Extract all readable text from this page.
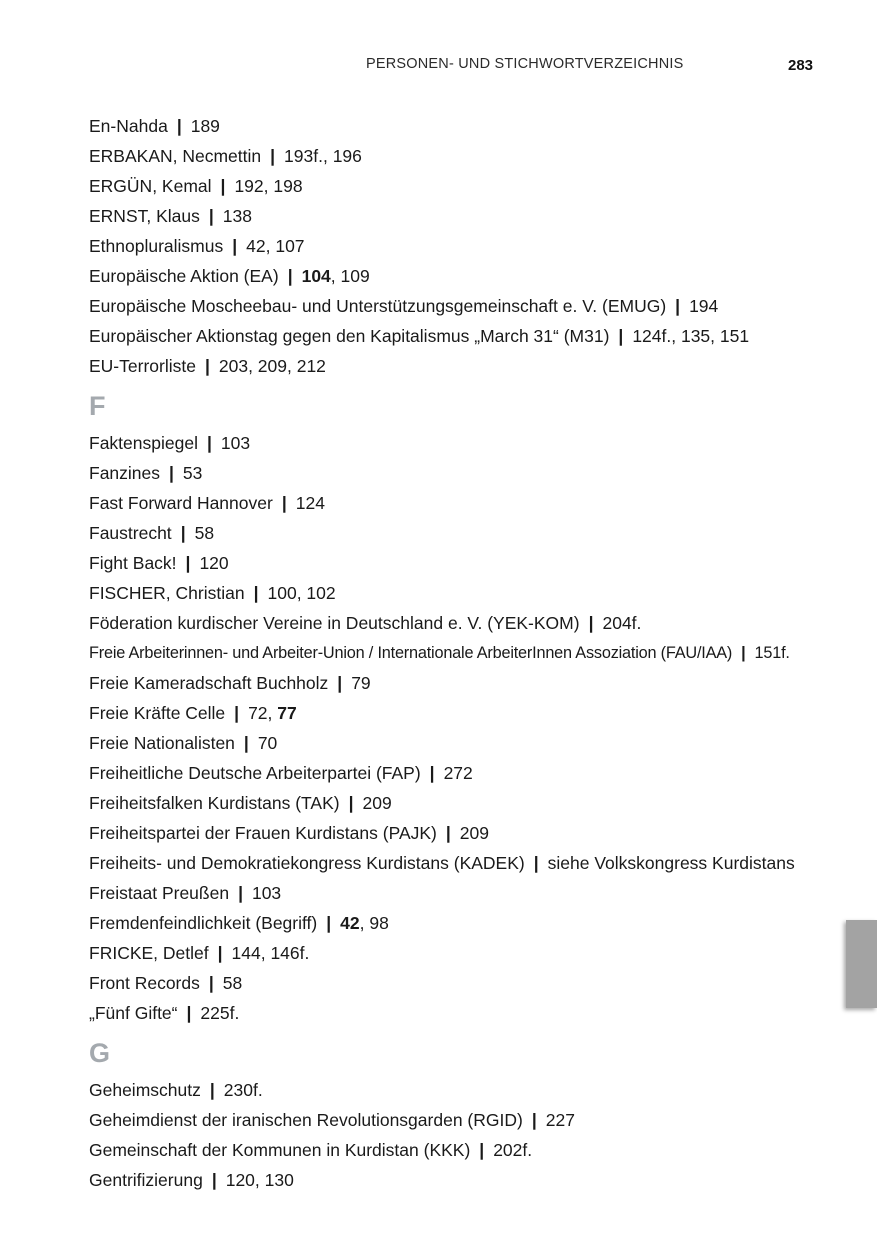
PERSONEN- UND STICHWORTVERZEICHNIS	283
En-Nahda | 189
ERBAKAN, Necmettin | 193f., 196
ERGÜN, Kemal | 192, 198
ERNST, Klaus | 138
Ethnopluralismus | 42, 107
Europäische Aktion (EA) | 104, 109
Europäische Moscheebau- und Unterstützungsgemeinschaft e. V. (EMUG) | 194
Europäischer Aktionstag gegen den Kapitalismus „March 31“ (M31) | 124f., 135, 151
EU-Terrorliste | 203, 209, 212
F
Faktenspiegel | 103
Fanzines | 53
Fast Forward Hannover | 124
Faustrecht | 58
Fight Back! | 120
FISCHER, Christian | 100, 102
Föderation kurdischer Vereine in Deutschland e. V. (YEK-KOM) | 204f.
Freie Arbeiterinnen- und Arbeiter-Union / Internationale ArbeiterInnen Assoziation (FAU/IAA) | 151f.
Freie Kameradschaft Buchholz | 79
Freie Kräfte Celle | 72, 77
Freie Nationalisten | 70
Freiheitliche Deutsche Arbeiterpartei (FAP) | 272
Freiheitsfalken Kurdistans (TAK) | 209
Freiheitspartei der Frauen Kurdistans (PAJK) | 209
Freiheits- und Demokratiekongress Kurdistans (KADEK) | siehe Volkskongress Kurdistans
Freistaat Preußen | 103
Fremdenfeindlichkeit (Begriff) | 42, 98
FRICKE, Detlef | 144, 146f.
Front Records | 58
„Fünf Gifte“ | 225f.
G
Geheimschutz | 230f.
Geheimdienst der iranischen Revolutionsgarden (RGID) | 227
Gemeinschaft der Kommunen in Kurdistan (KKK) | 202f.
Gentrifizierung | 120, 130
